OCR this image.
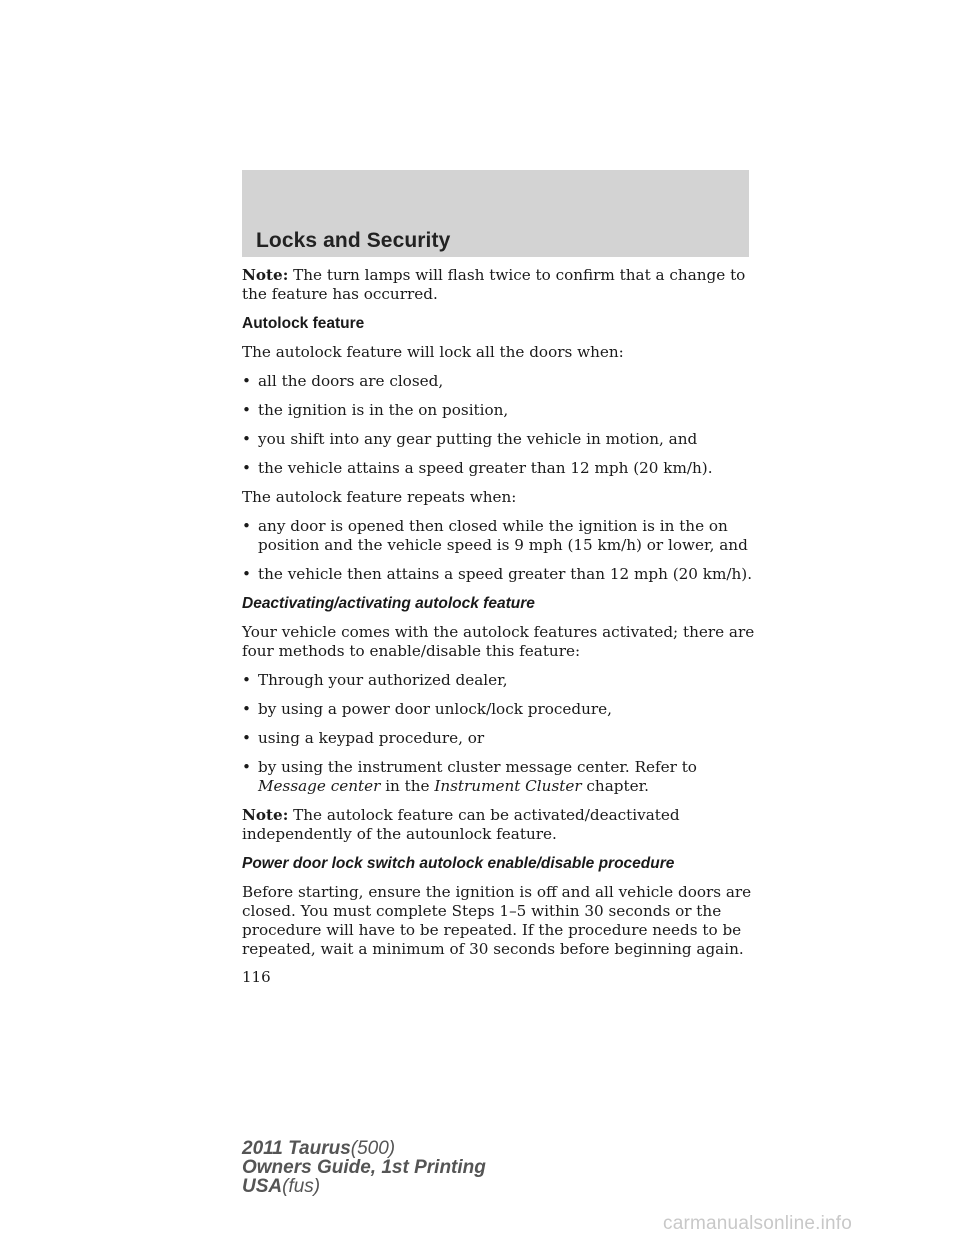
Locks and Security

Note: The turn lamps will flash twice to confirm that a change to the feature has occurred.

Autolock feature

The autolock feature will lock all the doors when:

• all the doors are closed,

• the ignition is in the on position,

• you shift into any gear putting the vehicle in motion, and

• the vehicle attains a speed greater than 12 mph (20 km/h).

The autolock feature repeats when:

• any door is opened then closed while the ignition is in the on position and the vehicle speed is 9 mph (15 km/h) or lower, and

• the vehicle then attains a speed greater than 12 mph (20 km/h).

Deactivating/activating autolock feature

Your vehicle comes with the autolock features activated; there are four methods to enable/disable this feature:

• Through your authorized dealer,

• by using a power door unlock/lock procedure,

• using a keypad procedure, or

• by using the instrument cluster message center. Refer to Message center in the Instrument Cluster chapter.

Note: The autolock feature can be activated/deactivated independently of the autounlock feature.

Power door lock switch autolock enable/disable procedure

Before starting, ensure the ignition is off and all vehicle doors are closed. You must complete Steps 1–5 within 30 seconds or the procedure will have to be repeated. If the procedure needs to be repeated, wait a minimum of 30 seconds before beginning again.

116
2011 Taurus(500)
Owners Guide, 1st Printing
USA(fus)
carmanualsonline.info
